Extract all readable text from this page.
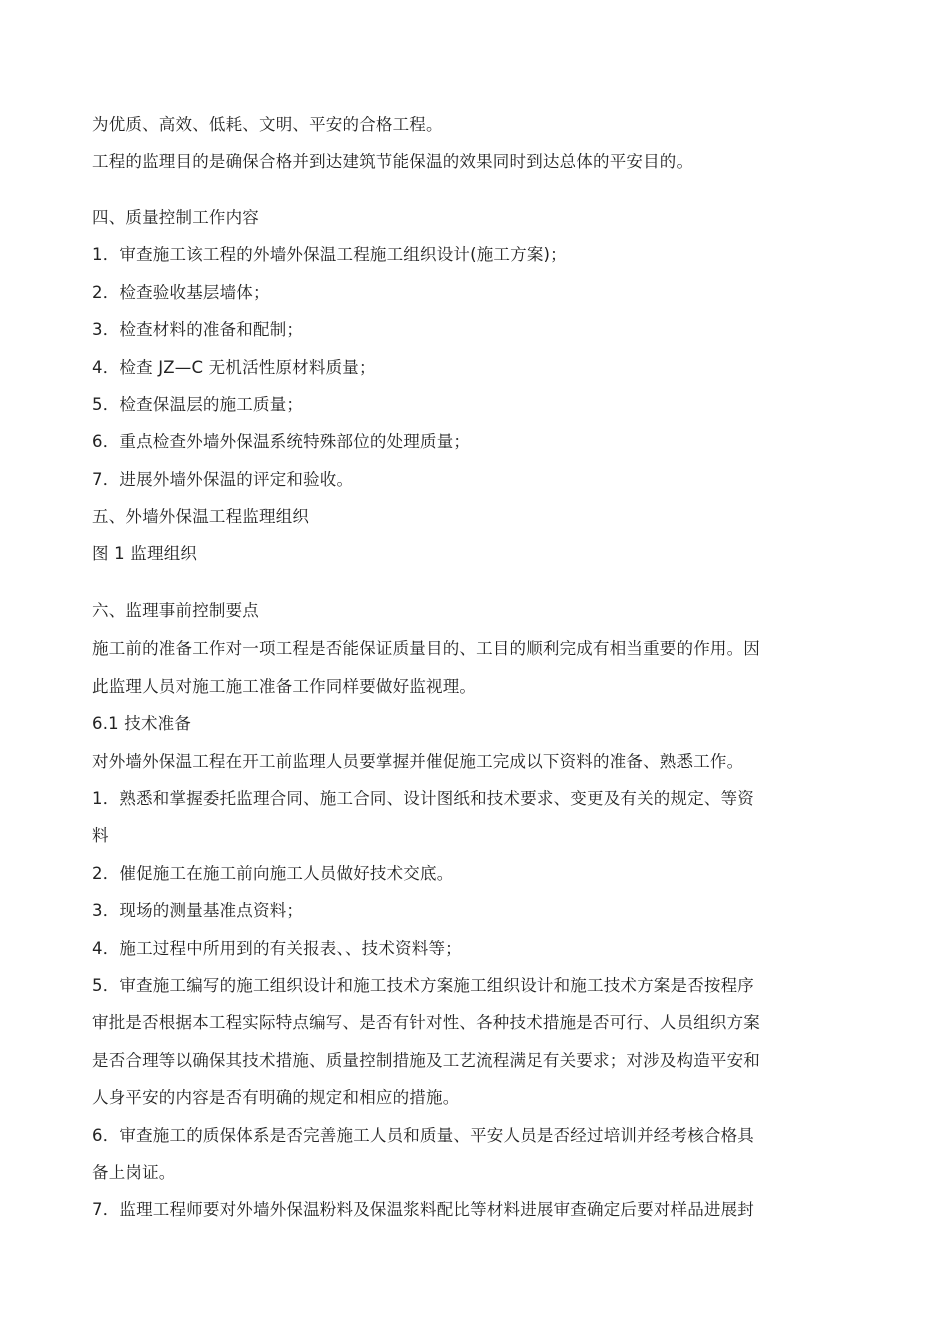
为优质、高效、低耗、文明、平安的合格工程。
工程的监理目的是确保合格并到达建筑节能保温的效果同时到达总体的平安目的。
四、质量控制工作内容
1．审查施工该工程的外墙外保温工程施工组织设计(施工方案)；
2．检查验收基层墙体；
3．检查材料的准备和配制；
4．检查 JZ—C 无机活性原材料质量；
5．检查保温层的施工质量；
6．重点检查外墙外保温系统特殊部位的处理质量；
7．进展外墙外保温的评定和验收。
五、外墙外保温工程监理组织
图 1 监理组织
六、监理事前控制要点
施工前的准备工作对一项工程是否能保证质量目的、工目的顺利完成有相当重要的作用。因
此监理人员对施工施工准备工作同样要做好监视理。
6.1 技术准备
对外墙外保温工程在开工前监理人员要掌握并催促施工完成以下资料的准备、熟悉工作。
1．熟悉和掌握委托监理合同、施工合同、设计图纸和技术要求、变更及有关的规定、等资
料
2．催促施工在施工前向施工人员做好技术交底。
3．现场的测量基准点资料；
4．施工过程中所用到的有关报表、、技术资料等；
5．审查施工编写的施工组织设计和施工技术方案施工组织设计和施工技术方案是否按程序
审批是否根据本工程实际特点编写、是否有针对性、各种技术措施是否可行、人员组织方案
是否合理等以确保其技术措施、质量控制措施及工艺流程满足有关要求；对涉及构造平安和
人身平安的内容是否有明确的规定和相应的措施。
6．审查施工的质保体系是否完善施工人员和质量、平安人员是否经过培训并经考核合格具
备上岗证。
7．监理工程师要对外墙外保温粉料及保温浆料配比等材料进展审查确定后要对样品进展封
